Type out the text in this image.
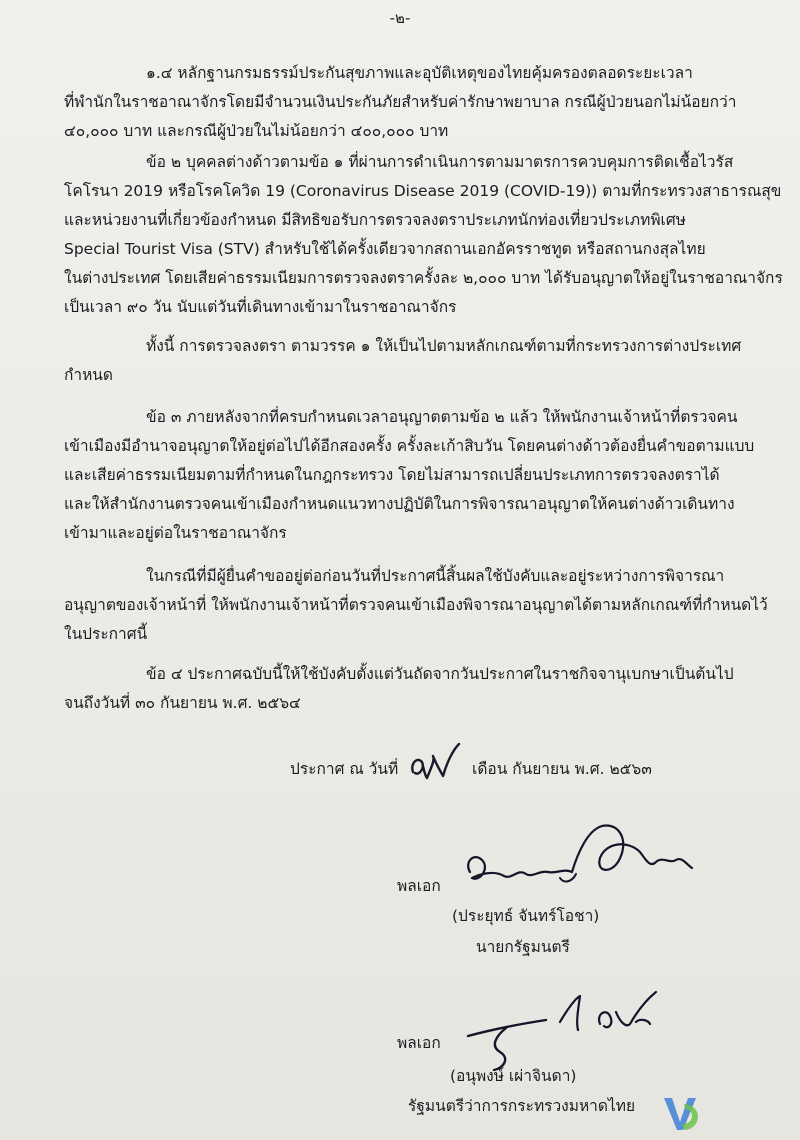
-๒-
๑.๔ หลักฐานกรมธรรม์ประกันสุขภาพและอุบัติเหตุของไทยคุ้มครองตลอดระยะเวลา
ที่พำนักในราชอาณาจักรโดยมีจำนวนเงินประกันภัยสำหรับค่ารักษาพยาบาล กรณีผู้ป่วยนอกไม่น้อยกว่า
๔๐,๐๐๐ บาท และกรณีผู้ป่วยในไม่น้อยกว่า ๔๐๐,๐๐๐ บาท
ข้อ ๒ บุคคลต่างด้าวตามข้อ ๑ ที่ผ่านการดำเนินการตามมาตรการควบคุมการติดเชื้อไวรัส
โคโรนา 2019 หรือโรคโควิด 19 (Coronavirus Disease 2019 (COVID-19)) ตามที่กระทรวงสาธารณสุข
และหน่วยงานที่เกี่ยวข้องกำหนด มีสิทธิขอรับการตรวจลงตราประเภทนักท่องเที่ยวประเภทพิเศษ
Special Tourist Visa (STV) สำหรับใช้ได้ครั้งเดียวจากสถานเอกอัครราชทูต หรือสถานกงสุลไทย
ในต่างประเทศ โดยเสียค่าธรรมเนียมการตรวจลงตราครั้งละ ๒,๐๐๐ บาท ได้รับอนุญาตให้อยู่ในราชอาณาจักร
เป็นเวลา ๙๐ วัน นับแต่วันที่เดินทางเข้ามาในราชอาณาจักร
ทั้งนี้ การตรวจลงตรา ตามวรรค ๑ ให้เป็นไปตามหลักเกณฑ์ตามที่กระทรวงการต่างประเทศ
กำหนด
ข้อ ๓ ภายหลังจากที่ครบกำหนดเวลาอนุญาตตามข้อ ๒ แล้ว ให้พนักงานเจ้าหน้าที่ตรวจคน
เข้าเมืองมีอำนาจอนุญาตให้อยู่ต่อไปได้อีกสองครั้ง ครั้งละเก้าสิบวัน โดยคนต่างด้าวต้องยื่นคำขอตามแบบ
และเสียค่าธรรมเนียมตามที่กำหนดในกฎกระทรวง โดยไม่สามารถเปลี่ยนประเภทการตรวจลงตราได้
และให้สำนักงานตรวจคนเข้าเมืองกำหนดแนวทางปฏิบัติในการพิจารณาอนุญาตให้คนต่างด้าวเดินทาง
เข้ามาและอยู่ต่อในราชอาณาจักร
ในกรณีที่มีผู้ยื่นคำขออยู่ต่อก่อนวันที่ประกาศนี้สิ้นผลใช้บังคับและอยู่ระหว่างการพิจารณา
อนุญาตของเจ้าหน้าที่ ให้พนักงานเจ้าหน้าที่ตรวจคนเข้าเมืองพิจารณาอนุญาตได้ตามหลักเกณฑ์ที่กำหนดไว้
ในประกาศนี้
ข้อ ๔ ประกาศฉบับนี้ให้ใช้บังคับตั้งแต่วันถัดจากวันประกาศในราชกิจจานุเบกษาเป็นต้นไป
จนถึงวันที่ ๓๐ กันยายน พ.ศ. ๒๕๖๔
ประกาศ ณ วันที่	เดือน กันยายน พ.ศ. ๒๕๖๓
พลเอก
(ประยุทธ์ จันทร์โอชา)
นายกรัฐมนตรี
พลเอก
(อนุพงษ์ เผ่าจินดา)
รัฐมนตรีว่าการกระทรวงมหาดไทย
